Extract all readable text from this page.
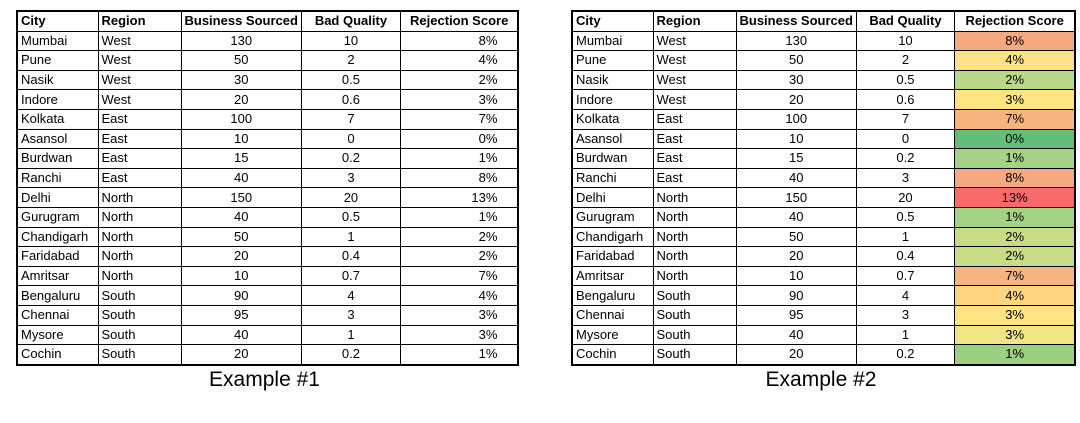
City	Region	Business Sourced	Bad Quality	Rejection Score
Mumbai	West	130	10	8%
Pune	West	50	2	4%
Nasik	West	30	0.5	2%
Indore	West	20	0.6	3%
Kolkata	East	100	7	7%
Asansol	East	10	0	0%
Burdwan	East	15	0.2	1%
Ranchi	East	40	3	8%
Delhi	North	150	20	13%
Gurugram	North	40	0.5	1%
Chandigarh	North	50	1	2%
Faridabad	North	20	0.4	2%
Amritsar	North	10	0.7	7%
Bengaluru	South	90	4	4%
Chennai	South	95	3	3%
Mysore	South	40	1	3%
Cochin	South	20	0.2	1%
City	Region	Business Sourced	Bad Quality	Rejection Score
Mumbai	West	130	10	8%
Pune	West	50	2	4%
Nasik	West	30	0.5	2%
Indore	West	20	0.6	3%
Kolkata	East	100	7	7%
Asansol	East	10	0	0%
Burdwan	East	15	0.2	1%
Ranchi	East	40	3	8%
Delhi	North	150	20	13%
Gurugram	North	40	0.5	1%
Chandigarh	North	50	1	2%
Faridabad	North	20	0.4	2%
Amritsar	North	10	0.7	7%
Bengaluru	South	90	4	4%
Chennai	South	95	3	3%
Mysore	South	40	1	3%
Cochin	South	20	0.2	1%
Example #1	Example #2
